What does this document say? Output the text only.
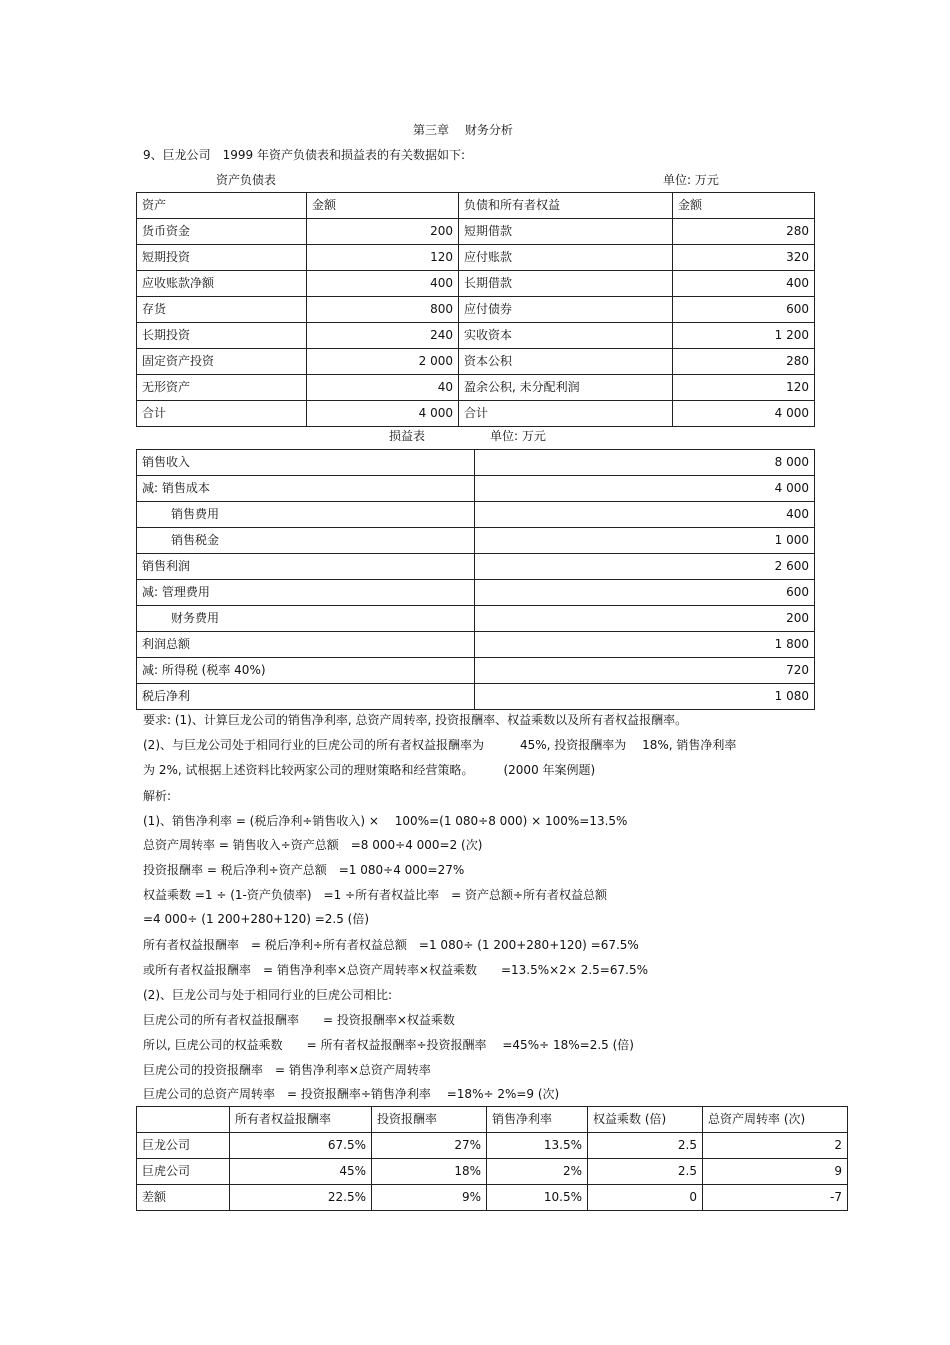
第三章　 财务分析
9、巨龙公司　1999 年资产负债表和损益表的有关数据如下:
资产负债表	单位: 万元
资产	金额	负债和所有者权益	金额
货币资金	200	短期借款	280
短期投资	120	应付账款	320
应收账款净额	400	长期借款	400
存货	800	应付债券	600
长期投资	240	实收资本	1 200
固定资产投资	2 000	资本公积	280
无形资产	40	盈余公积, 未分配利润	120
合计	4 000	合计	4 000
损益表	单位: 万元
销售收入	8 000
减: 销售成本	4 000
销售费用	400
销售税金	1 000
销售利润	2 600
减: 管理费用	600
财务费用	200
利润总额	1 800
减: 所得税 (税率 40%)	720
税后净利	1 080
要求: (1)、计算巨龙公司的销售净利率, 总资产周转率, 投资报酬率、权益乘数以及所有者权益报酬率。
(2)、与巨龙公司处于相同行业的巨虎公司的所有者权益报酬率为　　　45%, 投资报酬率为　 18%, 销售净利率
为 2%, 试根据上述资料比较两家公司的理财策略和经营策略。　　　(2000 年案例题)
解析:
(1)、销售净利率 = (税后净利÷销售收入) ×　 100%=(1 080÷8 000) × 100%=13.5%
总资产周转率 = 销售收入÷资产总额　=8 000÷4 000=2 (次)
投资报酬率 = 税后净利÷资产总额　=1 080÷4 000=27%
权益乘数 =1 ÷ (1-资产负债率)　=1 ÷所有者权益比率　= 资产总额÷所有者权益总额
=4 000÷ (1 200+280+120) =2.5 (倍)
所有者权益报酬率　= 税后净利÷所有者权益总额　=1 080÷ (1 200+280+120) =67.5%
或所有者权益报酬率　= 销售净利率×总资产周转率×权益乘数　　=13.5%×2× 2.5=67.5%
(2)、巨龙公司与处于相同行业的巨虎公司相比:
巨虎公司的所有者权益报酬率　　= 投资报酬率×权益乘数
所以, 巨虎公司的权益乘数　　= 所有者权益报酬率÷投资报酬率　 =45%÷ 18%=2.5 (倍)
巨虎公司的投资报酬率　= 销售净利率×总资产周转率
巨虎公司的总资产周转率　= 投资报酬率÷销售净利率　 =18%÷ 2%=9 (次)
	所有者权益报酬率	投资报酬率	销售净利率	权益乘数 (倍)	总资产周转率 (次)
巨龙公司	67.5%	27%	13.5%	2.5	2
巨虎公司	45%	18%	2%	2.5	9
差额	22.5%	9%	10.5%	0	-7
